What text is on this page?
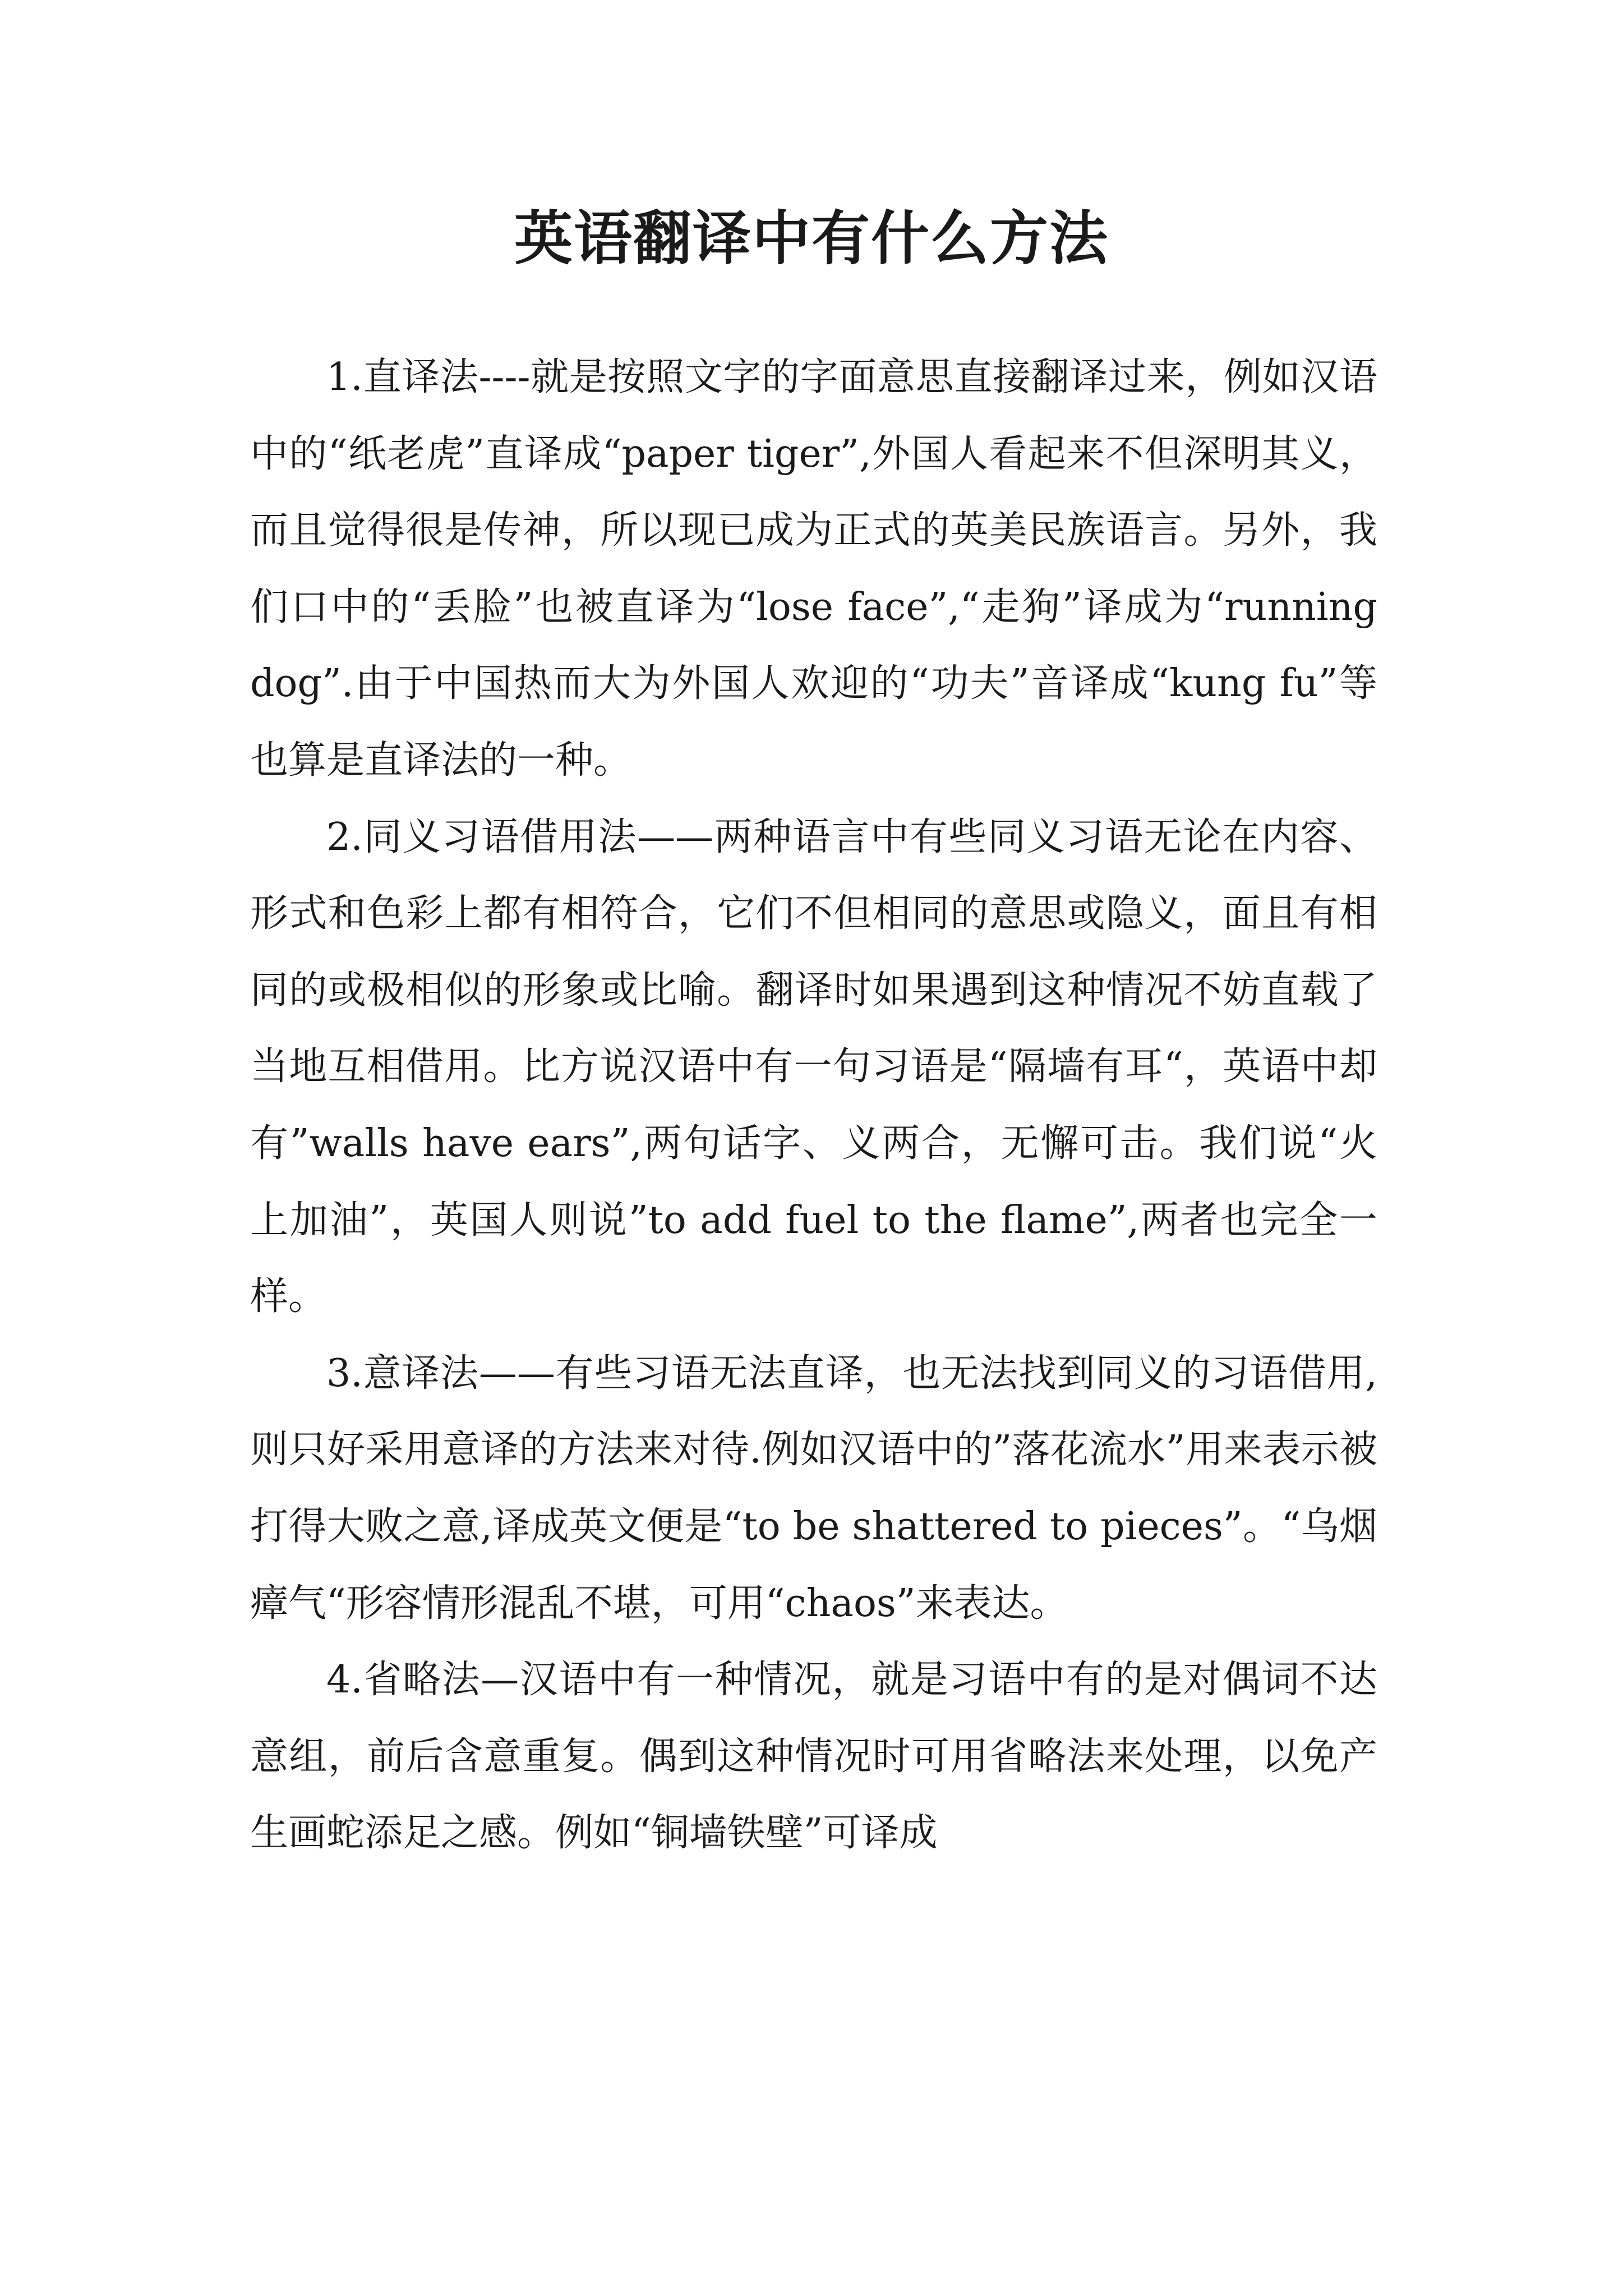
英语翻译中有什么方法

1.直译法----就是按照文字的字面意思直接翻译过来，例如汉语中的“纸老虎”直译成“paper tiger”,外国人看起来不但深明其义，而且觉得很是传神，所以现已成为正式的英美民族语言。另外，我们口中的“丢脸”也被直译为“lose face”,“走狗”译成为“running dog”.由于中国热而大为外国人欢迎的“功夫”音译成“kung fu”等也算是直译法的一种。

2.同义习语借用法——两种语言中有些同义习语无论在内容、形式和色彩上都有相符合，它们不但相同的意思或隐义，面且有相同的或极相似的形象或比喻。翻译时如果遇到这种情况不妨直载了当地互相借用。比方说汉语中有一句习语是“隔墙有耳“，英语中却有”walls have ears”,两句话字、义两合，无懈可击。我们说“火上加油”，英国人则说”to add fuel to the flame”,两者也完全一样。

3.意译法——有些习语无法直译，也无法找到同义的习语借用,则只好采用意译的方法来对待.例如汉语中的”落花流水”用来表示被打得大败之意,译成英文便是“to be shattered to pieces”。“乌烟瘴气“形容情形混乱不堪，可用“chaos”来表达。

4.省略法—汉语中有一种情况，就是习语中有的是对偶词不达意组，前后含意重复。偶到这种情况时可用省略法来处理，以免产生画蛇添足之感。例如“铜墙铁壁”可译成
